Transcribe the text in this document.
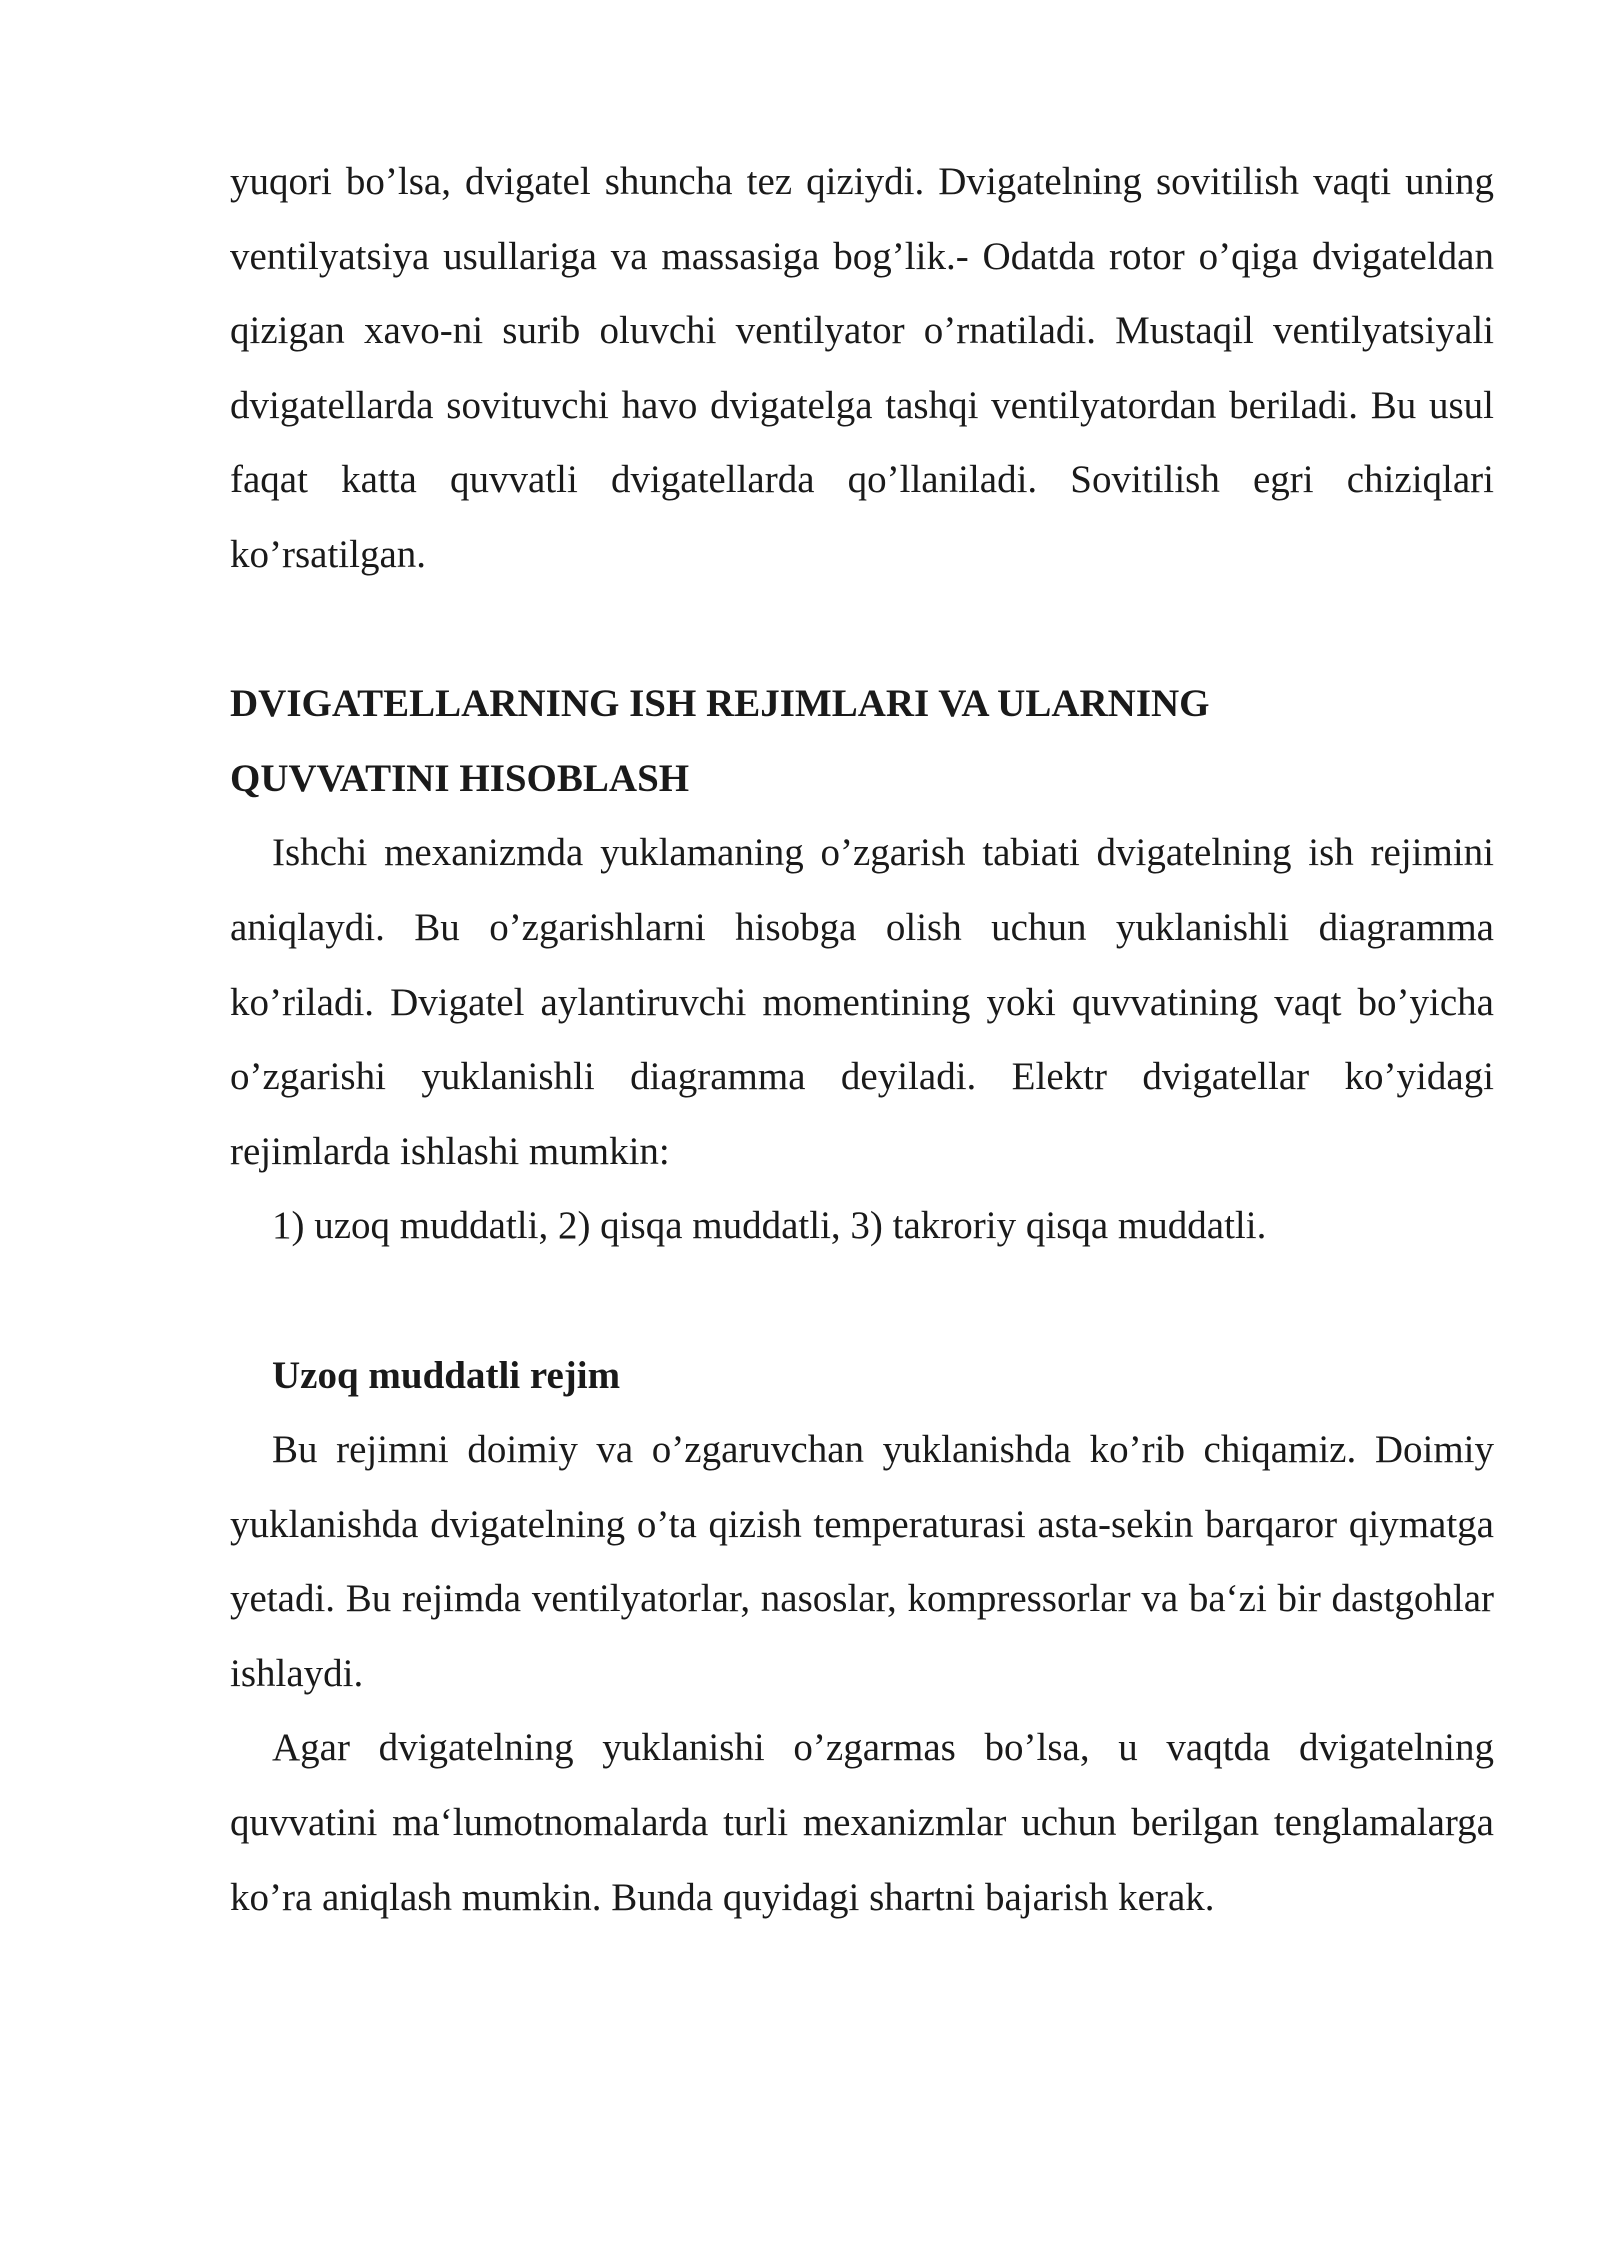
yuqori bo’lsa, dvigatel shuncha tez qiziydi. Dvigatelning sovitilish vaqti uning ventilyatsiya usullariga va massasiga bog’lik.- Odatda rotor o’qiga dvigateldan qizigan xavo-ni surib oluvchi ventilyator o’rnatiladi. Mustaqil ventilyatsiyali dvigatellarda sovituvchi havo dvigatelga tashqi ventilyatordan beriladi. Bu usul faqat katta quvvatli dvigatellarda qo’llaniladi. Sovitilish egri chiziqlari ko’rsatilgan.

DVIGATELLARNING ISH REJIMLARI VA ULARNING

QUVVATINI HISOBLASH

Ishchi mexanizmda yuklamaning o’zgarish tabiati dvigatelning ish rejimini aniqlaydi. Bu o’zgarishlarni hisobga olish uchun yuklanishli diagramma ko’riladi. Dvigatel aylantiruvchi momentining yoki quvvatining vaqt bo’yicha o’zgarishi yuklanishli diagramma deyiladi. Elektr dvigatellar ko’yidagi rejimlarda ishlashi mumkin:

1) uzoq muddatli, 2) qisqa muddatli, 3) takroriy qisqa muddatli.

Uzoq muddatli rejim

Bu rejimni doimiy va o’zgaruvchan yuklanishda ko’rib chiqamiz. Doimiy yuklanishda dvigatelning o’ta qizish temperaturasi asta-sekin barqaror qiymatga yetadi. Bu rejimda ventilyatorlar, nasoslar, kompressorlar va ba‘zi bir dastgohlar ishlaydi.

Agar dvigatelning yuklanishi o’zgarmas bo’lsa, u vaqtda dvigatelning quvvatini ma‘lumotnomalarda turli mexanizmlar uchun berilgan tenglamalarga ko’ra aniqlash mumkin. Bunda quyidagi shartni bajarish kerak.
